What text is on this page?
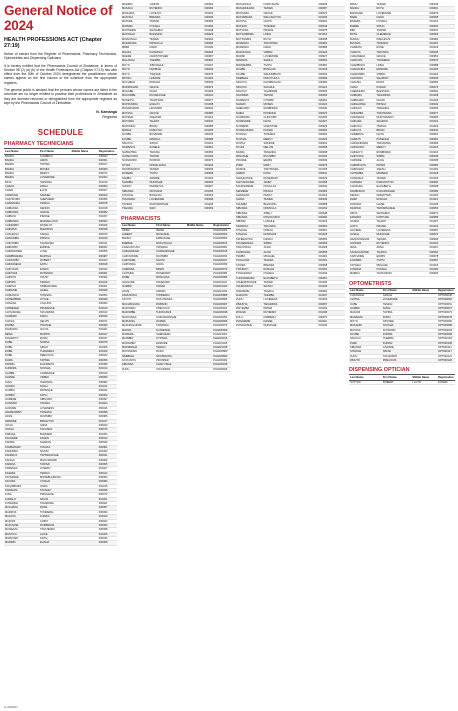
General Notice of 2024
HEALTH PROFESSIONS ACT (Chapter 27:19)

Notice of extract from the Register of Pharmacists, Pharmacy Technicians, Optometrists and Dispensing Opticians

It is hereby notified that the Pharmacists Council of Zimbabwe, in terms of Section 98 (2) (a) (b) of the Health Professions Act (Chapter 27:19) has with effect from the 30th of October 2024 deregistered the practitioners whose names appear on the first column of the schedule from the appropriate registers.

The general public is advised that the persons whose names are listed in the schedule are no longer entitled to practise their professions in Zimbabwe as they are deemed removed or deregistered from the appropriate registers as kept by the Pharmacists Council of Zimbabwe.

N. Kamanga
Registrar
SCHEDULE
PHARMACY TECHNICIANS
Last Name	First Name	Middle Name	Registration
BANDA	KUMBIRAI		000843
BANDA	AMOS		000901
BANDA	TAPIWA		000917
BANDA	MOSES		000960
BANDA	MERCY		000974
BANDA	LOVEMORE		001002
BAYA	TATENDA		001019
CHADA	FARAI		000903
CHARI	ELVIS		000927
CHARUMA	SAMUEL		000934
CHATIKOBO	SHEPHERD		000956
CHAWANDA	TENDAI		000978
CHIBANDA	DENNIS		001018
CHIBANDA	GRACE		000982
CHIBAYA	PRAISE		001037
CHIBUNDA	MARVELLOUS		000904
CHIDEMBO	ROSELYN		000925
CHIDZIVA	BLESSING		000948
CHIGANGA	SARAH		000979
CHIGUMBA	PRISCA		001010
CHIKOMBA	TAFADZWA		000911
CHIKOWO	EUNICE		000937
CHIMANIKIRE	LOVE		000955
CHIMBWANDA	MARTHA		000987
CHIMOMBO	ROBERT		001023
CHINGWENA	FAITH		000918
CHINYAMA	EDWIN		000942
CHINYANI	RUTENDO		000961
CHIPATO	TRUST		000992
CHIPIRO	TENDAI		001016
CHIRIGO	SIMBARASHE		000901
CHIRUME	HAZEL		000928
CHISANGO	TATENDA		000954
CHITEMBWE	JOYCE		000969
CHIVASA	COLLINS		000994
CHIWESHE	PRUDENCE		001013
CHIYANGWA	TAKUDZWA		000913
CHIZEMA	FARAI		000946
CHOGA	KELVIN		000971
DAMBA	TINASHE		000999
DANDARA	OLIVIA		001021
DEWA	MARTIN		000917
DHLIWAYO	RUDO		000947
DUBE	NOMSA		000978
DUBE	SIPHO		001005
DUBE	THANDEKA		001029
DUBE	PRECIOUS		000923
DUMA	TAPIWA		000956
DZIMBA	ELIZABETH		000988
FUNDIRA	NYASHA		001014
GAMBE	CLEMENCE		000919
GARWE	VIMBAI		000950
GAVA	TAWANDA		000983
GONDO	NOAH		001011
GUMBO	PATIENCE		000932
GUMBO	FAITH		000962
GUMEDE	SIBUSISO		000997
GUNDANI	TAFARA		001024
GURURE	LOVENESS		000916
HAMADZIRIPI	TATENDA		000958
HOVE	RUVIMBO		000986
HWENDE	BRIGHTON		001017
JACHI	ANNA		000940
JONGA	TAKUNDA		000976
KABASA	BLESSED		001004
KACHERE	FADZAI		000912
KADIRA	SHARON		000949
KAMBARAMI	TANAKA		000981
KAMUNDA	NGONI		001009
KANDEYA	TAPIWANASHE		000931
KANGAI	MUNYARADZI		000966
KAPESA	TARISAI		000995
KARENGA	JOSEPH		001027
KASEKE	TENDAI		000914
KATSANDE	MOREBLESSING		000952
KATURA	VONGAI		000984
KAVUMBURA	LINDA		001015
KAWADZA	STANLEY		000938
KUFA	PRIVILEGE		000970
KUMALO	NKOSI		001001
KUWANDA	TAFADZWA		000921
MACHAKA	ROSE		000957
MADZIVA	TONDERAI		000990
MAGAYA	KUDZAI		001020
MAKONI	CHIPO		000924
MAKUVISE	RUMBIDZAI		000963
MANDAZA	TINOTENDA		000998
MANYIKA	ALICE		001026
MAPFUMO	FAITH		000930
MARIMO	ELISHA		000968
MARIMO	JUNIOR		000959
MASAKA	RUTENDO		000993
MASHAVA	LOVEJOY		001022
MASOKA	BRENDA		000935
MATARE	TAPIWA		000965
MATEMA	NYASHA		001000
MATINDIKE	SHINGIRAI		001028
MATONGO	BLESSING		000929
MAVHUNGA	TENDAI		000964
MAZARURA	PRISCILLA		000996
MBIRI	FARAI		001030
MHAKA	KUDZANAI		000926
MHERE	CHRISTOPHER		000967
MHLANGA	THEMBA		000991
MOYO	SIBONGILE		001007
MOYO	NQOBILE		000933
MOYO	TINASHE		000975
MPOFU	LINDIWE		001003
MUCHENA	RONALD		000939
MUDZINGWA	GRACE		000972
MUGABE	NOAH		001006
MUKOMBE	RUVARASHE		000941
MUNETSI	TANATSWA		000977
MUPFUMIRA	EVELYN		001008
MUSARURWA	LEONARD		000943
MUTASA	GRACE		000980
MUTEMA	SHELTER		001012
MUTIZWA	TALENT		000944
MUZONDO	BRIAN		000985
MWALE	DOROTHY		001025
NCUBE	BUSISIWE		000945
NCUBE	MANDLA		000989
NDLOVU	SIFISO		001031
NGWENYA	ZANELE		000951
NHIWATIWA	TAKURA		000953
NYAMAYARO	TAPIWA		001032
NYANDORO	PATRICK		000973
NYONI	NOMALANGA		001033
PASIPANODYA	TENDAI		000936
RUSERE	TSITSI		000998
SAMBO	ADMIRE		001034
SHAMBA	MUNASHE		000920
SHOKO	PERPETUA		000907
SIBANDA	NKOSANA		001035
SITHOLE	BONGANI		000915
TAKAWIRA	LOVEMORE		000908
TAPERA	RUDORWASHE		001036
TSHUMA	SIZO		000909
PHARMACISTS
Last Name	First Name	Middle Name	Registration
ADAM	ISMAIL		PHA001004
ALBERT	MUNASHE		PHA000963
BANDA	EMMANUEL		PHA000852
BHEBHE	NOKUTHULA		PHA000874
CHAKANYUKA	TATENDA		PHA000901
CHIDAVAENZI	KUDAKWASHE		PHA000915
CHIKOWORE	RUVIMBO		PHA000933
CHINYERE	NGONI		PHA000947
CHIPONDA	LINDA		PHA000959
CHIRINDA	BRIAN		PHA000972
CHITSIKE	ROSEMARY		PHA000984
DUBE	MONALISA		PHA000995
GAVHURE	TAFADZWA		PHA001011
GUMBO	ANNAH		PHA001020
HOVE	TARIRO		PHA001032
KAMUSOKO	TONDERAI		PHA000888
KATIYO	NOKUTENDA		PHA000896
MACHINGURA	ROBSON		PHA000907
MADONDO	PRECIOUS		PHA000921
MAKOMBE	THOKOZANI		PHA000938
MANYANGA	KUZIVAKWASHE		PHA000951
MAPHOSA	ZODWA		PHA000966
MASHINGAIDZE	TAWANDA		PHA000979
MATIZA	FLORENCE		PHA000990
MAWERE	SHEPHERD		PHA001001
MLAMBO	CYNTHIA		PHA001014
MUDAMBO	EDMORE		PHA001026
MUKWESHA	TENDAI		PHA001035
MUTANDWA	RUDO		PHA000880
NDEBELE	NKOSINATHI		PHA000892
NYAKUDYA	PROSPER		PHA000904
SIBANDA	KHANYISILE		PHA000918
ZHOU	TAKUDZWA		PHA000926
MUSHONGA	FORTUNATE		000935
MUSHONHIWA	TENDAI		000957
MUSONZA	GRACE		000972
MUTAMBARA	WELLINGTON		001003
MUTASA	CHIPO		000924
MUTEZO	TATENDA		000949
MUTIGWA	PRINCE		000978
MUTSAMBIWA	LINDA		001010
MUTSVAIRO	RUTH		000938
MUZENDA	TAKUDZWA		000962
MUZENDA	FARAI		000986
MUZHUZHA	VIMBAI		001016
MUZIRI	LOVEMORE		000927
MWANZA	SHEILA		000954
MWAREMBA	TSITSI		000981
NCUBE	BONGANI		001018
NCUBE	SIKHUMBUZO		000942
NDEBELE	NOKUTHULA		000969
NDLOVU	KHUMBULANI		000996
NDLOVU	SAKHILE		001021
NDLOVU	THANDIWE		000933
NGORIMA	TAPIWA		000966
NGWENYA	NTOMBI		000991
NHAMO	MOSES		001024
NHEKAIRO	RUMBIDZAI		000940
NHIRA	PATIENCE		000973
NYABADZA	CLIFFORD		001000
NYAMANDE	FAITH		001027
NYAMBIRI	CHRISTINE		000929
NYAMUZIHWA	KUDZAI		000960
NYANGA	TATENDA		000994
NYASHA	MERCY		001029
NYATHI	SIPHIWE		000931
NYONI	MELUSI		000968
NZARA	TAWANDA		000998
PANASHE	RUVIMBO		001030
PFUNDE	EDWIN		000936
PHIRI	MARY		000975
RUSIKE	TINOTENDA		001005
SABETI	KUDA		000941
SAMUKANGE	ROSEMARY		000979
SANYANGORE	JANET		001008
SAUNGWEME	DOUGLAS		000944
SENZERE	PRISCA		000983
SHANGWA	PERCY		001013
SHAVA	TENDAI		000946
SHUMBA	BLESSING		000988
SIBANDA	NOMVULA		001019
SIBANDA	ZWELI		000948
SIBANDA	MTHOKOZISI		000992
SIBINDI	LUNGILE		001023
SIMANGO	TAKUNDA		000950
SITHOLE	NORAH		000997
SITHOLE	DUMISANI		001025
TAFIRENYIKA	FADZAI		000953
TAKAENDESA	SIMBA		000999
TARUVINGA	JOHN		001028
TAVENGWA	ALICE		000955
TEMBO	MICHAEL		001002
TICHAONA	TAFARA		001031
TIZORA	BRENDA		000958
TSIKIRAYI	RONALD		001004
TSVANGIRAI	NYASHA		001032
TUNGWARARA	ELIZABETH		000961
USHEWOKUNZE	TENDAI		001006
VHURUMUKU	SHINGI		001033
ZANAMWE	TANAKA		000964
ZHAKATA	THEMBA		001007
ZHOU	LOVENESS		001034
ZIMUNYA	TAFADZWA		000967
ZINYEMBA	PETER		001009
ZIVANAI	RUTENDO		001035
ZULU	KIMBERLY		000970
ZVAVAMWE	DANIEL		001011
ZVINAVASHE	MUNASHE		001036
BAMU	TENDAI		000945
BANDA	RUTH		000961
BANGURE	LOVEMORE		000979
BARE	FARAI		000998
BASERA	NYASHA		001014
BHEBE	SIPHO		000930
BIRI	TAPIWA		000947
BOTE	CLEMENCE		000966
BUNGU	PRECIOUS		000984
BVUNZA	TATENDA		001001
CHABATA	ROSE		001019
CHADYA	TAKUNDA		000936
CHAGWEDA	GRACE		000952
CHAKUPA	TONDERAI		000970
CHAMBOKO	LINDA		000988
CHANAKIRA	EDMORE		001005
CHARAMBA	VIMBAI		001023
CHATAIRA	SHAMISO		000939
CHAURA	RUDO		000956
CHAVI	KUDZAI		000973
CHEMHURU	BLESSING		000991
CHIBAMU	TAFADZWA		001008
CHIBHAMU	NGONI		001026
CHIDHAKWA	PRISCA		000942
CHIDUKU	TAWANDA		000959
CHIFAMBA	TINOTENDA		000977
CHIGWADA	MUNYARADZI		000995
CHIKARA	SHARON		001012
CHIKOKA	TARISAI		001029
CHIKUTA	BRIAN		000944
CHIMEDZA	FAITH		000962
CHIMUTI	PATIENCE		000981
CHINAKIDZWA	TAKUDZWA		000999
CHINGONO	MERCY		001016
CHINHOYI	RUMBIDZAI		001031
CHINYOKA	SIMBA		000948
CHIPERE	ALICE		000965
CHIRIMUUTA	PETER		000983
CHIRUNDU	ANESU		001002
CHITAMBA	MOREEN		001018
CHIVANGA	TENDAI		001033
CHIWARA	DARLINGTON		000950
CHOKUDA	ELIZABETH		000968
DAMBUDZO	KUDAKWASHE		000986
DENGU	NOMATTER		001004
DHIRI	RONALD		001021
DOKORA	HAZEL		001035
DZAPASI	TAPIWANASHE		000953
DZIVA	SHINGIRAI		000971
FARAWO	FORTUNE		000989
GANDA	TALENT		001007
GOTO	PRAISE		001024
GOVERE	LOVENESS		000957
GUZHA	MUNASHE		000974
HAPANYENGWI	TAFARA		000993
HATENDI	RUTENDO		001010
JENA	ANNA		001027
KANHUKAMWE	TANAKA		000960
KAPFUNDE	EDWIN		000978
KASIMBA	TSITSI		000997
KATIVHU	MICHAEL		001013
KUWANA	NYASHA		001030
MABIKA	THOKOZANI		000963
OPTOMETRISTS
Last Name	First Name	Middle Name	Registration
CHIGWADA	GRACE		OPT000045
CHITSA	LOVEMORE		OPT000052
DUBE	TENDAI		OPT000061
GUMBO	FARAI		OPT000067
MAKONI	TAPIWA		OPT000073
MANDAZA	RUDO		OPT000078
MOYO	SIPHIWE		OPT000084
MUKANDI	NYASHA		OPT000089
MUTASA	RUTENDO		OPT000093
NCUBE	ZODWA		OPT000098
NDLOVU	THEMBA		OPT000103
PHIRI	KUDZAI		OPT000108
SIBANDA	LINDIWE		OPT000112
SITHOLE	NKOSI		OPT000117
ZHOU	TAKUDZWA		OPT000121
ZIMUTO	PRECIOUS		OPT000126
DISPENSING OPTICIAN
Last Name	First Name	Middle Name	Registration
SUTTON	ROBERT	LLOYD	DO0006
sz-0002024
